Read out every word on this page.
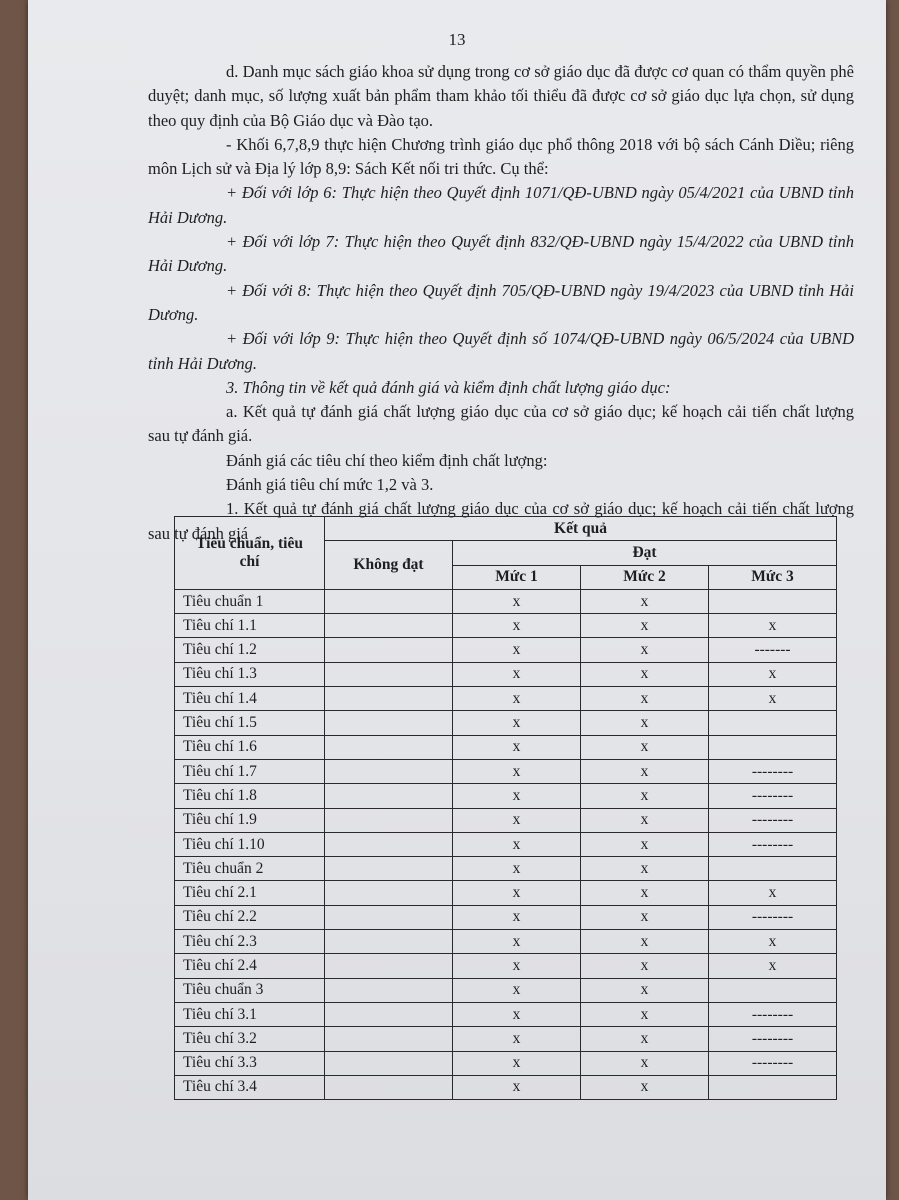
13

d. Danh mục sách giáo khoa sử dụng trong cơ sở giáo dục đã được cơ quan có thẩm quyền phê duyệt; danh mục, số lượng xuất bản phẩm tham khảo tối thiểu đã được cơ sở giáo dục lựa chọn, sử dụng theo quy định của Bộ Giáo dục và Đào tạo.

- Khối 6,7,8,9 thực hiện Chương trình giáo dục phổ thông 2018 với bộ sách Cánh Diều; riêng môn Lịch sử và Địa lý lớp 8,9: Sách Kết nối tri thức. Cụ thể:

+ Đối với lớp 6: Thực hiện theo Quyết định 1071/QĐ-UBND ngày 05/4/2021 của UBND tỉnh Hải Dương.

+ Đối với lớp 7: Thực hiện theo Quyết định 832/QĐ-UBND ngày 15/4/2022 của UBND tỉnh Hải Dương.

+ Đối với 8: Thực hiện theo Quyết định 705/QĐ-UBND ngày 19/4/2023 của UBND tỉnh Hải Dương.

+ Đối với lớp 9: Thực hiện theo Quyết định số 1074/QĐ-UBND ngày 06/5/2024 của UBND tỉnh Hải Dương.

3. Thông tin về kết quả đánh giá và kiểm định chất lượng giáo dục:

a. Kết quả tự đánh giá chất lượng giáo dục của cơ sở giáo dục; kế hoạch cải tiến chất lượng sau tự đánh giá.

Đánh giá các tiêu chí theo kiểm định chất lượng:

Đánh giá tiêu chí mức 1,2 và 3.

1. Kết quả tự đánh giá chất lượng giáo dục của cơ sở giáo dục; kế hoạch cải tiến chất lượng sau tự đánh giá

Tiêu chuẩn, tiêu chí	Kết quả			
	Không đạt	Đạt		
		Mức 1	Mức 2	Mức 3
Tiêu chuẩn 1		x	x	
Tiêu chí 1.1		x	x	x
Tiêu chí 1.2		x	x	-------
Tiêu chí 1.3		x	x	x
Tiêu chí 1.4		x	x	x
Tiêu chí 1.5		x	x	
Tiêu chí 1.6		x	x	
Tiêu chí 1.7		x	x	--------
Tiêu chí 1.8		x	x	--------
Tiêu chí 1.9		x	x	--------
Tiêu chí 1.10		x	x	--------
Tiêu chuẩn 2		x	x	
Tiêu chí 2.1		x	x	x
Tiêu chí 2.2		x	x	--------
Tiêu chí 2.3		x	x	x
Tiêu chí 2.4		x	x	x
Tiêu chuẩn 3		x	x	
Tiêu chí 3.1		x	x	--------
Tiêu chí 3.2		x	x	--------
Tiêu chí 3.3		x	x	--------
Tiêu chí 3.4		x	x	
